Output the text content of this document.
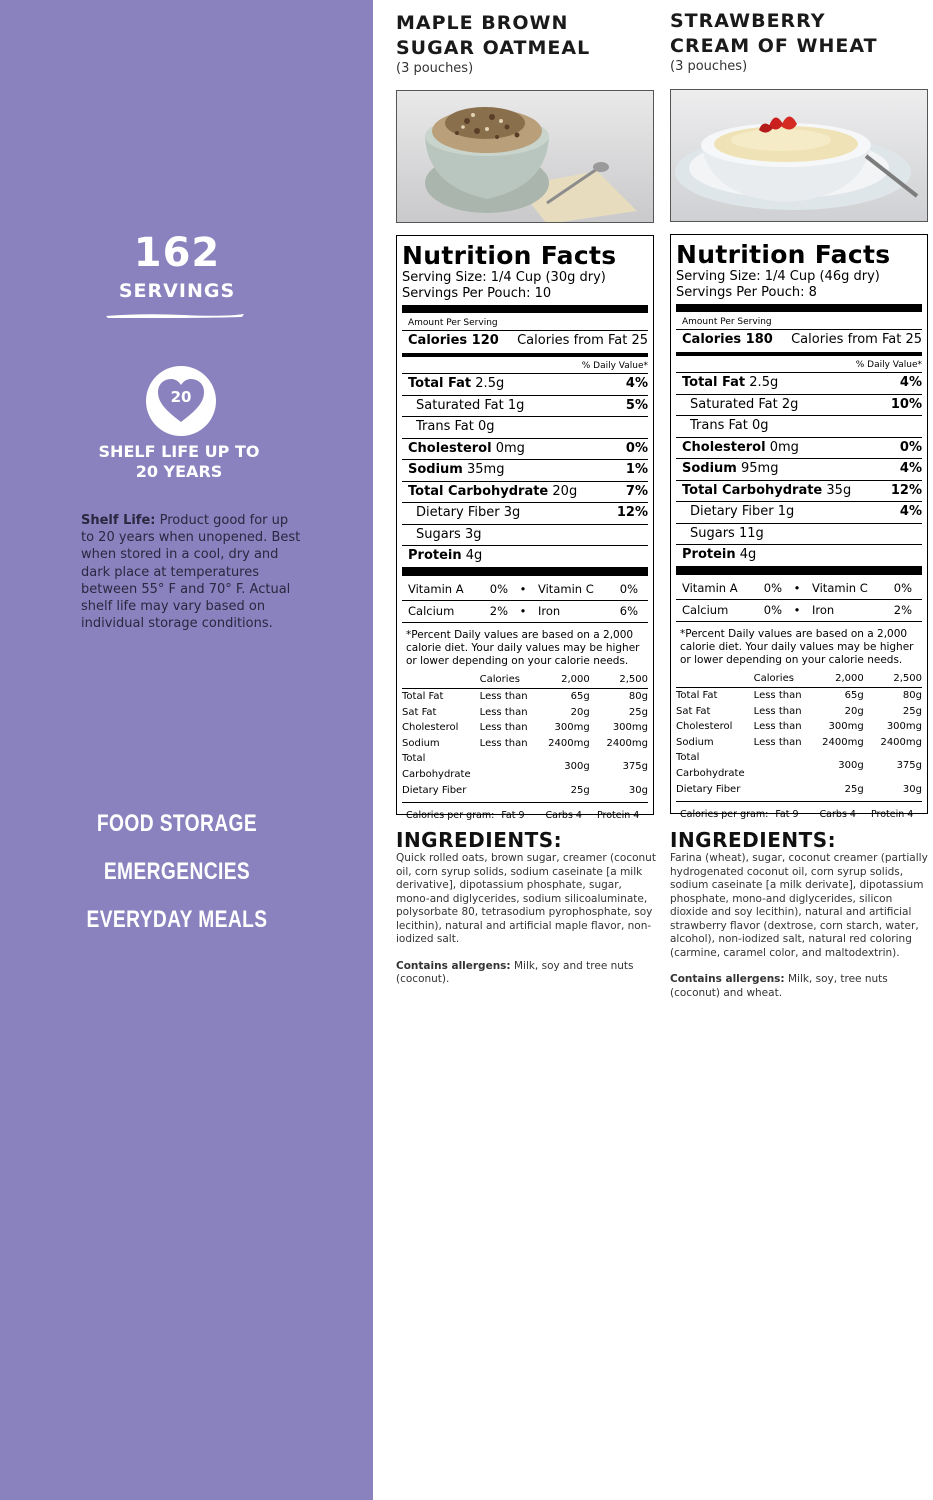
162
SERVINGS
20
SHELF LIFE UP TO
20 YEARS
Shelf Life: Product good for up to 20 years when unopened. Best when stored in a cool, dry and dark place at temperatures between 55° F and 70° F. Actual shelf life may vary based on individual storage conditions.
FOOD STORAGE
EMERGENCIES
EVERYDAY MEALS
MAPLE BROWN
SUGAR OATMEAL
(3 pouches)
Nutrition Facts
Serving Size: 1/4 Cup (30g dry)
Servings Per Pouch: 10
Amount Per Serving
Calories 120 Calories from Fat 25
% Daily Value*
Total Fat 2.5g	4%
Saturated Fat 1g	5%
Trans Fat 0g
Cholesterol 0mg	0%
Sodium 35mg	1%
Total Carbohydrate 20g	7%
Dietary Fiber 3g	12%
Sugars 3g
Protein 4g
Vitamin A	0%	•	Vitamin C	0%
Calcium	2%	•	Iron	6%
*Percent Daily values are based on a 2,000 calorie diet. Your daily values may be higher or lower depending on your calorie needs.
	Calories	2,000	2,500
Total Fat	Less than	65g	80g
Sat Fat	Less than	20g	25g
Cholesterol	Less than	300mg	300mg
Sodium	Less than	2400mg	2400mg
Total Carbohydrate		300g	375g
Dietary Fiber		25g	30g
Calories per gram: Fat 9 Carbs 4 Protein 4
INGREDIENTS:
Quick rolled oats, brown sugar, creamer (coconut oil, corn syrup solids, sodium caseinate [a milk derivative], dipotassium phosphate, sugar, mono-and diglycerides, sodium silicoaluminate, polysorbate 80, tetrasodium pyrophosphate, soy lecithin), natural and artificial maple flavor, non-iodized salt.
Contains allergens: Milk, soy and tree nuts (coconut).
STRAWBERRY
CREAM OF WHEAT
(3 pouches)
Nutrition Facts
Serving Size: 1/4 Cup (46g dry)
Servings Per Pouch: 8
Amount Per Serving
Calories 180 Calories from Fat 25
% Daily Value*
Total Fat 2.5g	4%
Saturated Fat 2g	10%
Trans Fat 0g
Cholesterol 0mg	0%
Sodium 95mg	4%
Total Carbohydrate 35g	12%
Dietary Fiber 1g	4%
Sugars 11g
Protein 4g
Vitamin A	0%	•	Vitamin C	0%
Calcium	0%	•	Iron	2%
*Percent Daily values are based on a 2,000 calorie diet. Your daily values may be higher or lower depending on your calorie needs.
	Calories	2,000	2,500
Total Fat	Less than	65g	80g
Sat Fat	Less than	20g	25g
Cholesterol	Less than	300mg	300mg
Sodium	Less than	2400mg	2400mg
Total Carbohydrate		300g	375g
Dietary Fiber		25g	30g
Calories per gram: Fat 9 Carbs 4 Protein 4
INGREDIENTS:
Farina (wheat), sugar, coconut creamer (partially hydrogenated coconut oil, corn syrup solids, sodium caseinate [a milk derivate], dipotassium phosphate, mono-and diglycerides, silicon dioxide and soy lecithin), natural and artificial strawberry flavor (dextrose, corn starch, water, alcohol), non-iodized salt, natural red coloring (carmine, caramel color, and maltodextrin).
Contains allergens: Milk, soy, tree nuts (coconut) and wheat.
